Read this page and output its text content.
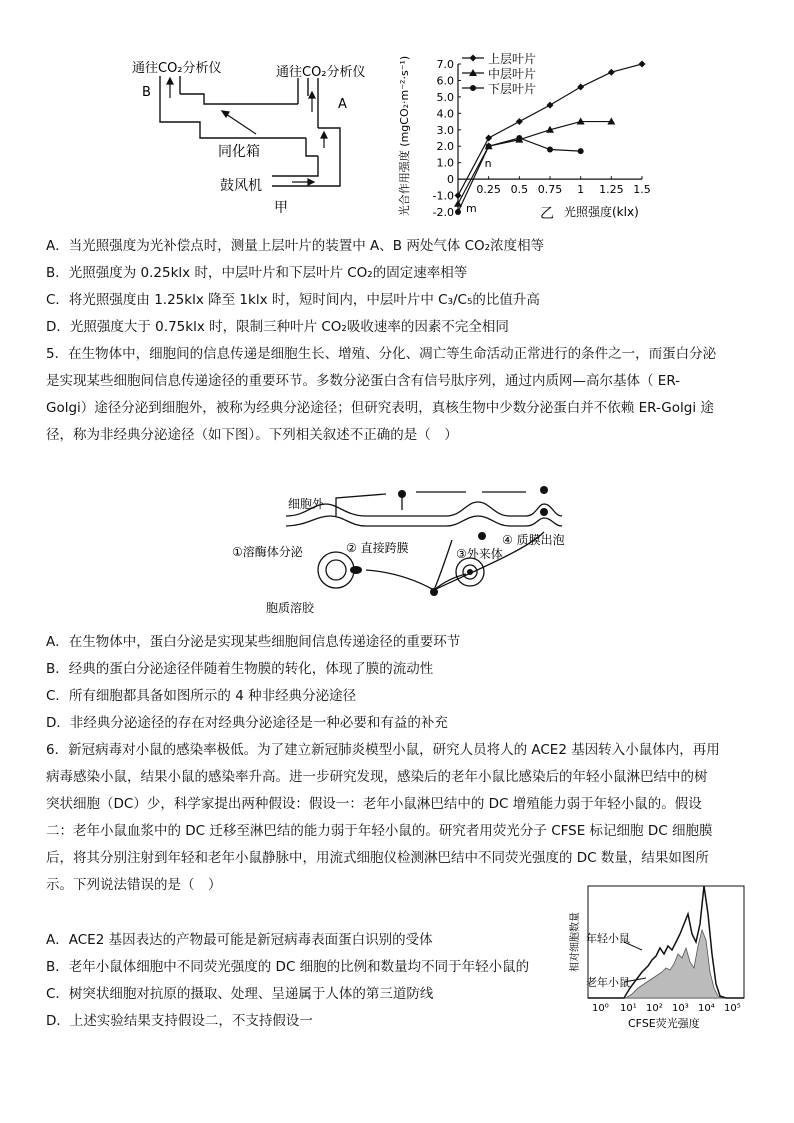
通往CO₂分析仪	通往CO₂分析仪
B
A
同化箱
鼓风机
甲
7.0
6.0
5.0
4.0
3.0
2.0
1.0
0
-1.0
-2.0
0.25 0.5 0.75 1 1.25 1.5
m
n
光合作用强度 (mgCO₂·m⁻²·s⁻¹)	光照强度(klx)
乙
上层叶片
中层叶片
下层叶片
A．当光照强度为光补偿点时，测量上层叶片的装置中 A、B 两处气体 CO₂浓度相等
B．光照强度为 0.25klx 时，中层叶片和下层叶片 CO₂的固定速率相等
C．将光照强度由 1.25klx 降至 1klx 时，短时间内，中层叶片中 C₃/C₅的比值升高
D．光照强度大于 0.75klx 时，限制三种叶片 CO₂吸收速率的因素不完全相同
5．在生物体中，细胞间的信息传递是细胞生长、增殖、分化、凋亡等生命活动正常进行的条件之一，而蛋白分泌
是实现某些细胞间信息传递途径的重要环节。多数分泌蛋白含有信号肽序列，通过内质网—高尔基体（ ER-
Golgi）途径分泌到细胞外，被称为经典分泌途径；但研究表明，真核生物中少数分泌蛋白并不依赖 ER-Golgi 途
径，称为非经典分泌途径（如下图）。下列相关叙述不正确的是（　）
细胞外
①溶酶体分泌	② 直接跨膜	③外来体
④ 质膜出泡
胞质溶胶
A．在生物体中，蛋白分泌是实现某些细胞间信息传递途径的重要环节
B．经典的蛋白分泌途径伴随着生物膜的转化，体现了膜的流动性
C．所有细胞都具备如图所示的 4 种非经典分泌途径
D．非经典分泌途径的存在对经典分泌途径是一种必要和有益的补充
6．新冠病毒对小鼠的感染率极低。为了建立新冠肺炎模型小鼠，研究人员将人的 ACE2 基因转入小鼠体内，再用
病毒感染小鼠，结果小鼠的感染率升高。进一步研究发现，感染后的老年小鼠比感染后的年轻小鼠淋巴结中的树
突状细胞（DC）少，科学家提出两种假设：假设一：老年小鼠淋巴结中的 DC 增殖能力弱于年轻小鼠的。假设
二：老年小鼠血浆中的 DC 迁移至淋巴结的能力弱于年轻小鼠的。研究者用荧光分子 CFSE 标记细胞 DC 细胞膜
后，将其分别注射到年轻和老年小鼠静脉中，用流式细胞仪检测淋巴结中不同荧光强度的 DC 数量，结果如图所
示。下列说法错误的是（　）
A．ACE2 基因表达的产物最可能是新冠病毒表面蛋白识别的受体
B．老年小鼠体细胞中不同荧光强度的 DC 细胞的比例和数量均不同于年轻小鼠的
C．树突状细胞对抗原的摄取、处理、呈递属于人体的第三道防线
D．上述实验结果支持假设二，不支持假设一
相对细胞数量 年轻小鼠
老年小鼠
10⁰ 10¹ 10² 10³ 10⁴ 10⁵
CFSE荧光强度
